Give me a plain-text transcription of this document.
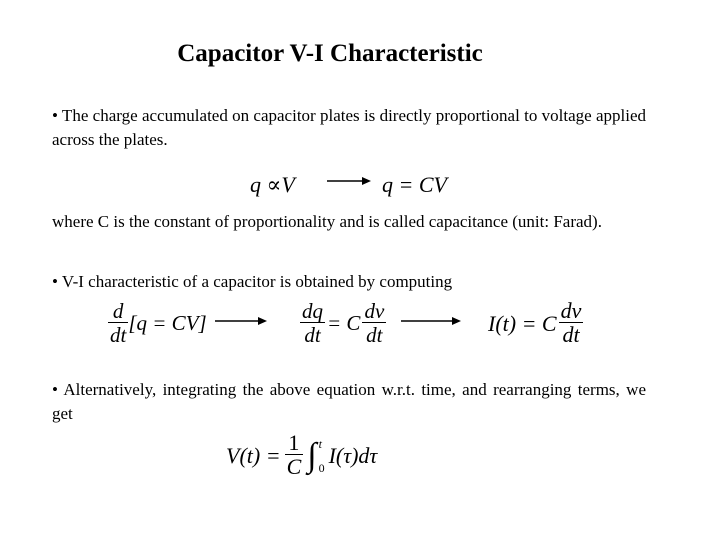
Capacitor V-I Characteristic
• The charge accumulated on capacitor plates is directly proportional to voltage applied across the plates.
q ∝V	q = CV
where C is the constant of proportionality and is called capacitance (unit: Farad).
• V-I characteristic of a capacitor is obtained by computing
$\frac{d}{dt} [q = CV]$	$\frac{dq}{dt} = C \frac{dv}{dt}$	I(t) = C $\frac{dv}{dt}$
• Alternatively, integrating the above equation w.r.t. time, and rearranging terms, we get
$V(t) = \frac{1}{C}$ ∫ t
0 I(τ)dτ
